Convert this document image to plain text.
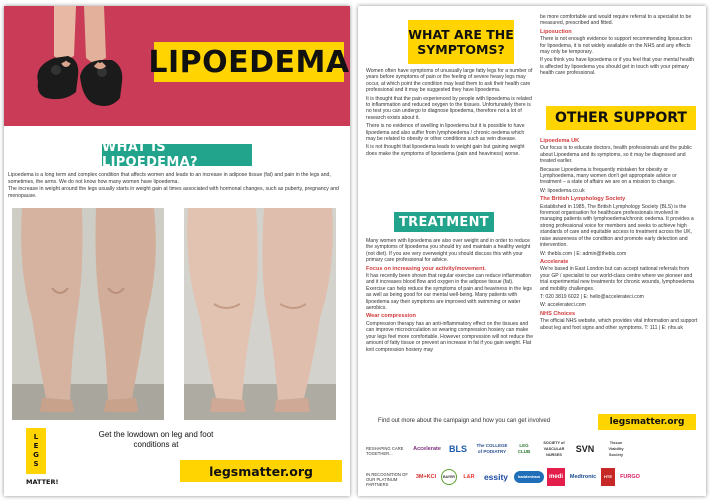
LIPOEDEMA
WHAT IS LIPOEDEMA?

Lipoedema is a long term and complex condition that affects women and leads to an increase in adipose tissue (fat) and pain in the legs and, sometimes, the arms. We do not know how many women have lipoedema.

The increase in weight around the legs usually starts in weight gain at times associated with hormonal changes, such as puberty, pregnancy and menopause.

L
E
G
S
MATTER!
Get the lowdown on leg and foot conditions at
legsmatter.org
WHAT ARE THE
SYMPTOMS?

Women often have symptoms of unusually large fatty legs for a number of years before symptoms of pain or the feeling of severe heavy legs may occur, at which point the condition may lead them to ask their health care professional and it may be suggested they have lipoedema.

It is thought that the pain experienced by people with lipoedema is related to inflammation and reduced oxygen to the tissues. Unfortunately there is no test you can undergo to diagnose lipoedema, therefore not a lot of research exists about it.

There is no evidence of swelling in lipoedema but it is possible to have lipoedema and also suffer from lymphoedema / chronic oedema which may be related to obesity or other conditions such as vein disease.

It is not thought that lipoedema leads to weight gain but gaining weight does make the symptoms of lipoedema (pain and heaviness) worse.

TREATMENT

Many women with lipoedema are also over weight and in order to reduce the symptoms of lipoedema you should try and maintain a healthy weight (not diet). If you are very overweight you should discuss this with your primary care professional for advice.

Focus on increasing your activity/movement.

It has recently been shown that regular exercise can reduce inflammation and it increases blood flow and oxygen in the adipose tissue (fat). Exercise can help reduce the symptoms of pain and heaviness in the legs as well as being good for our mental well-being. Many patients with lipoedema say their symptoms are improved with swimming or water aerobics.

Wear compression

Compression therapy has an anti-inflammatory effect on the tissues and can improve microcirculation so wearing compression hosiery can make your legs feel more comfortable. However compression will not reduce the amount of fatty tissue or prevent an increase in fat if you gain weight. Flat knit compression hosiery may

be more comfortable and would require referral to a specialist to be measured, prescribed and fitted.

Liposuction

There is not enough evidence to support recommending liposuction for lipoedema, it is not widely available on the NHS and any effects may only be temporary.

If you think you have lipoedema or if you feel that your mental health is affected by lipoedema you should get in touch with your primary health care professional.

OTHER SUPPORT
Lipoedema UK

Our focus is to educate doctors, health professionals and the public about Lipoedema and its symptoms, so it may be diagnosed and treated earlier.

Because Lipoedema is frequently mistaken for obesity or Lymphoedema, many women don't get appropriate advice or treatment – a state of affairs we are on a mission to change.

W: lipoedema.co.uk

The British Lymphology Society

Established in 1985, The British Lymphology Society (BLS) is the foremost organisation for healthcare professionals involved in managing patients with lymphoedema/chronic oedema. It provides a strong professional voice for members and seeks to achieve high standards of care and equitable access to treatment across the UK, raise awareness of the condition and promote early detection and intervention.

W: thebls.com | E: admin@thebls.com

Accelerate

We're based in East London but can accept national referrals from your GP / specialist to our world-class centre where we pioneer and trial experimental new treatments for chronic wounds, lymphoedema and mobility challenges.

T: 020 3819 6022 | E: hello@accelerateci.com

W: accelerateci.com

NHS Choices

The official NHS website, which provides vital information and support about leg and foot signs and other symptoms. T: 111 | E: nhs.uk

Find out more about the campaign and how you can get involved	legsmatter.org
RESHAPING CARE TOGETHER...
Accelerate BLS	The COLLEGE of PODIATRY
LEG CLUB
SOCIETY of VASCULAR NURSES
SVN
Tissue Viability Society
IN RECOGNITION OF OUR PLATINUM PARTNERS
3M+KCI	BAYER	L&R	essity	haddenham	medi	Medtronic	HTE	FURGO
